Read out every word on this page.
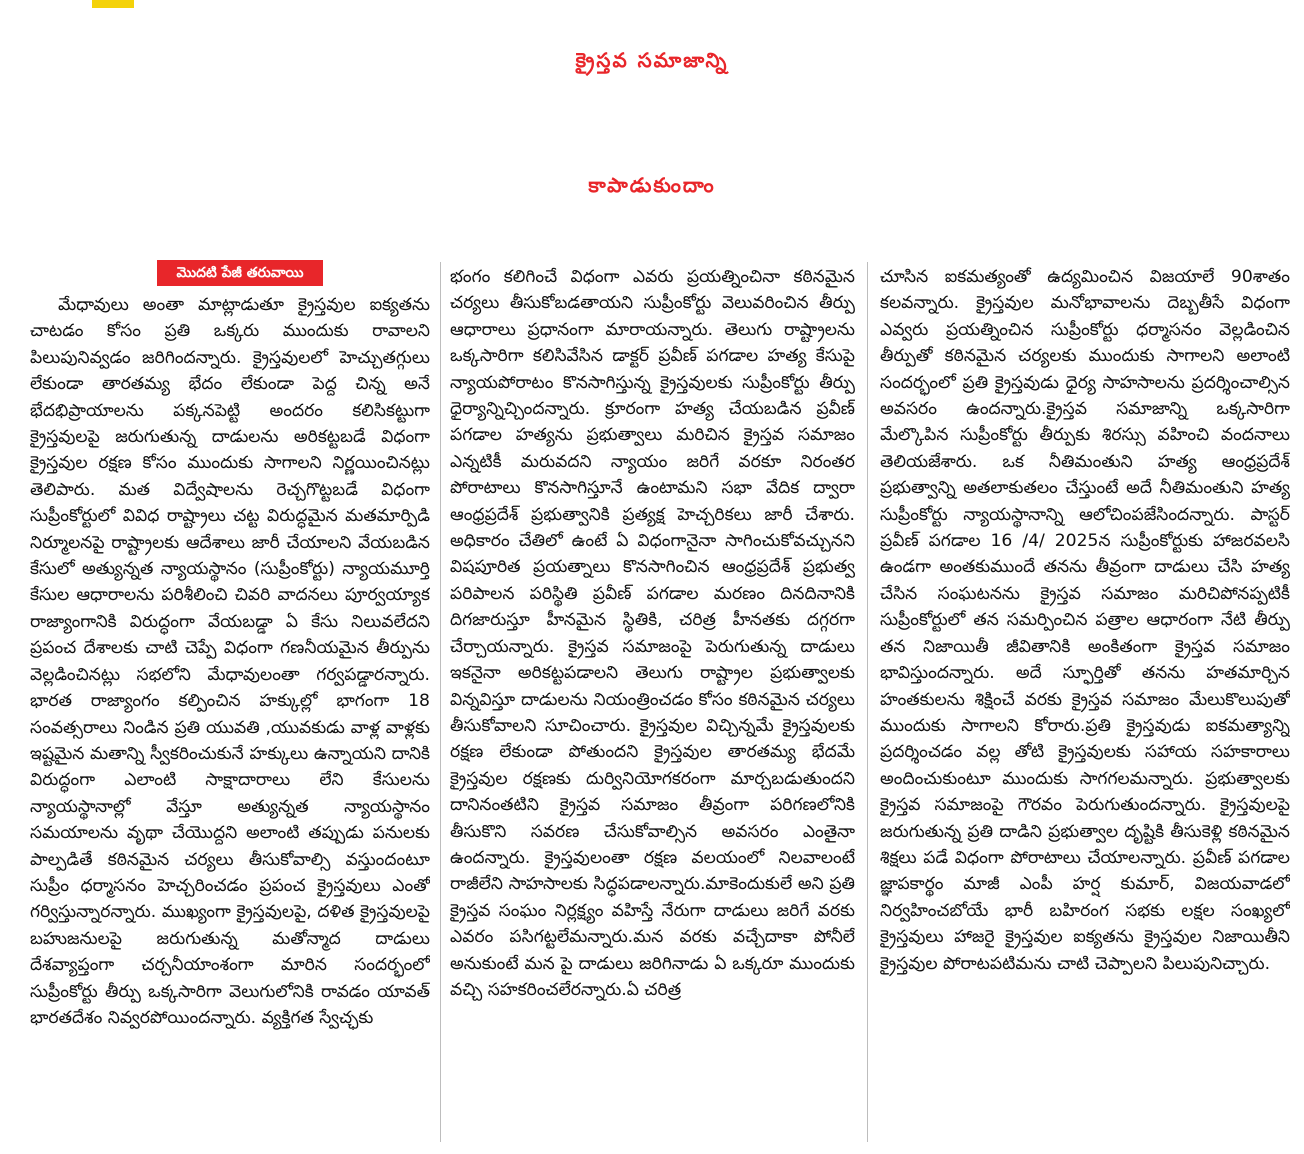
క్రైస్తవ సమాజాన్ని
కాపాడుకుందాం
మొదటి పేజీ తరువాయి
మేధావులు అంతా మాట్లాడుతూ క్రైస్తవుల ఐక్యతను చాటడం కోసం ప్రతి ఒక్కరు ముందుకు రావాలని పిలుపునివ్వడం జరిగిందన్నారు. క్రైస్తవులలో హెచ్చుతగ్గులు లేకుండా తారతమ్య భేదం లేకుండా పెద్ద చిన్న అనే భేదభిప్రాయాలను పక్కనపెట్టి అందరం కలిసికట్టుగా క్రైస్తవులపై జరుగుతున్న దాడులను అరికట్టబడే విధంగా క్రైస్తవుల రక్షణ కోసం ముందుకు సాగాలని నిర్ణయించినట్లు తెలిపారు. మత విద్వేషాలను రెచ్చగొట్టబడే విధంగా సుప్రీంకోర్టులో వివిధ రాష్ట్రాలు చట్ట విరుద్ధమైన మతమార్పిడి నిర్మూలనపై రాష్ట్రాలకు ఆదేశాలు జారీ చేయాలని వేయబడిన కేసులో అత్యున్నత న్యాయస్థానం (సుప్రీంకోర్టు) న్యాయమూర్తి కేసుల ఆధారాలను పరిశీలించి చివరి వాదనలు పూర్వయ్యాక రాజ్యాంగానికి విరుద్ధంగా వేయబడ్డా ఏ కేసు నిలువలేదని ప్రపంచ దేశాలకు చాటి చెప్పే విధంగా గణనీయమైన తీర్పును వెల్లడించినట్లు సభలోని మేధావులంతా గర్వపడ్డారన్నారు. భారత రాజ్యాంగం కల్పించిన హక్కుల్లో భాగంగా 18 సంవత్సరాలు నిండిన ప్రతి యువతి ,యువకుడు వాళ్ల వాళ్లకు ఇష్టమైన మతాన్ని స్వీకరించుకునే హక్కులు ఉన్నాయని దానికి విరుద్ధంగా ఎలాంటి సాక్షాదారాలు లేని కేసులను న్యాయస్థానాల్లో వేస్తూ అత్యున్నత న్యాయస్థానం సమయాలను వృథా చేయొద్దని అలాంటి తప్పుడు పనులకు పాల్పడితే కఠినమైన చర్యలు తీసుకోవాల్సి వస్తుందంటూ సుప్రీం ధర్మాసనం హెచ్చరించడం ప్రపంచ క్రైస్తవులు ఎంతో గర్విస్తున్నారన్నారు. ముఖ్యంగా క్రైస్తవులపై, దళిత క్రైస్తవులపై బహుజనులపై జరుగుతున్న మతోన్మాద దాడులు దేశవ్యాప్తంగా చర్చనీయాంశంగా మారిన సందర్భంలో సుప్రీంకోర్టు తీర్పు ఒక్కసారిగా వెలుగులోనికి రావడం యావత్ భారతదేశం నివ్వరపోయిందన్నారు. వ్యక్తిగత స్వేచ్ఛకు
భంగం కలిగించే విధంగా ఎవరు ప్రయత్నించినా కఠినమైన చర్యలు తీసుకోబడతాయని సుప్రీంకోర్టు వెలువరించిన తీర్పు ఆధారాలు ప్రధానంగా మారాయన్నారు. తెలుగు రాష్ట్రాలను ఒక్కసారిగా కలిసివేసిన డాక్టర్ ప్రవీణ్ పగడాల హత్య కేసుపై న్యాయపోరాటం కొనసాగిస్తున్న క్రైస్తవులకు సుప్రీంకోర్టు తీర్పు ధైర్యాన్నిచ్చిందన్నారు. క్రూరంగా హత్య చేయబడిన ప్రవీణ్ పగడాల హత్యను ప్రభుత్వాలు మరిచిన క్రైస్తవ సమాజం ఎన్నటికీ మరువదని న్యాయం జరిగే వరకూ నిరంతర పోరాటాలు కొనసాగిస్తూనే ఉంటామని సభా వేదిక ద్వారా ఆంధ్రప్రదేశ్ ప్రభుత్వానికి ప్రత్యక్ష హెచ్చరికలు జారీ చేశారు. అధికారం చేతిలో ఉంటే ఏ విధంగానైనా సాగించుకోవచ్చునని విషపూరిత ప్రయత్నాలు కొనసాగించిన ఆంధ్రప్రదేశ్ ప్రభుత్వ పరిపాలన పరిస్థితి ప్రవీణ్ పగడాల మరణం దినదినానికి దిగజారుస్తూ హీనమైన స్థితికి, చరిత్ర హీనతకు దగ్గరగా చేర్చాయన్నారు. క్రైస్తవ సమాజంపై పెరుగుతున్న దాడులు ఇకనైనా అరికట్టపడాలని తెలుగు రాష్ట్రాల ప్రభుత్వాలకు విన్నవిస్తూ దాడులను నియంత్రించడం కోసం కఠినమైన చర్యలు తీసుకోవాలని సూచించారు. క్రైస్తవుల విచ్చిన్నమే క్రైస్తవులకు రక్షణ లేకుండా పోతుందని క్రైస్తవుల తారతమ్య భేదమే క్రైస్తవుల రక్షణకు దుర్వినియోగకరంగా మార్చబడుతుందని దానినంతటిని క్రైస్తవ సమాజం తీవ్రంగా పరిగణలోనికి తీసుకొని సవరణ చేసుకోవాల్సిన అవసరం ఎంతైనా ఉందన్నారు. క్రైస్తవులంతా రక్షణ వలయంలో నిలవాలంటే రాజీలేని సాహసాలకు సిద్ధపడాలన్నారు.మాకెందుకులే అని ప్రతి క్రైస్తవ సంఘం నిర్లక్ష్యం వహిస్తే నేరుగా దాడులు జరిగే వరకు ఎవరం పసిగట్టలేమన్నారు.మన వరకు వచ్చేదాకా పోనీలే అనుకుంటే మన పై దాడులు జరిగినాడు ఏ ఒక్కరూ ముందుకు వచ్చి సహకరించలేరన్నారు.ఏ చరిత్ర
చూసిన ఐకమత్యంతో ఉద్యమించిన విజయాలే 90శాతం కలవన్నారు. క్రైస్తవుల మనోభావాలను దెబ్బతీసే విధంగా ఎవ్వరు ప్రయత్నించిన సుప్రీంకోర్టు ధర్మాసనం వెల్లడించిన తీర్పుతో కఠినమైన చర్యలకు ముందుకు సాగాలని అలాంటి సందర్భంలో ప్రతి క్రైస్తవుడు ధైర్య సాహసాలను ప్రదర్శించాల్సిన అవసరం ఉందన్నారు.క్రైస్తవ సమాజాన్ని ఒక్కసారిగా మేల్కొపిన సుప్రీంకోర్టు తీర్పుకు శిరస్సు వహించి వందనాలు తెలియజేశారు. ఒక నీతిమంతుని హత్య ఆంధ్రప్రదేశ్ ప్రభుత్వాన్ని అతలాకుతలం చేస్తుంటే అదే నీతిమంతుని హత్య సుప్రీంకోర్టు న్యాయస్థానాన్ని ఆలోచింపజేసిందన్నారు. పాస్టర్ ప్రవీణ్ పగడాల 16 /4/ 2025న సుప్రీంకోర్టుకు హాజరవలసి ఉండగా అంతకుముందే తనను తీవ్రంగా దాడులు చేసి హత్య చేసిన సంఘటనను క్రైస్తవ సమాజం మరిచిపోనప్పటికీ సుప్రీంకోర్టులో తన సమర్పించిన పత్రాల ఆధారంగా నేటి తీర్పు తన నిజాయితీ జీవితానికి అంకితంగా క్రైస్తవ సమాజం భావిస్తుందన్నారు. అదే స్ఫూర్తితో తనను హతమార్చిన హంతకులను శిక్షించే వరకు క్రైస్తవ సమాజం మేలుకొలుపుతో ముందుకు సాగాలని కోరారు.ప్రతి క్రైస్తవుడు ఐకమత్యాన్ని ప్రదర్శించడం వల్ల తోటి క్రైస్తవులకు సహాయ సహకారాలు అందించుకుంటూ ముందుకు సాగగలమన్నారు. ప్రభుత్వాలకు క్రైస్తవ సమాజంపై గౌరవం పెరుగుతుందన్నారు. క్రైస్తవులపై జరుగుతున్న ప్రతి దాడిని ప్రభుత్వాల దృష్టికి తీసుకెళ్లి కఠినమైన శిక్షలు పడే విధంగా పోరాటాలు చేయాలన్నారు. ప్రవీణ్ పగడాల జ్ఞాపకార్థం మాజీ ఎంపీ హర్ష కుమార్, విజయవాడలో నిర్వహించబోయే భారీ బహిరంగ సభకు లక్షల సంఖ్యలో క్రైస్తవులు హాజరై క్రైస్తవుల ఐక్యతను క్రైస్తవుల నిజాయితీని క్రైస్తవుల పోరాటపటిమను చాటి చెప్పాలని పిలుపునిచ్చారు.
